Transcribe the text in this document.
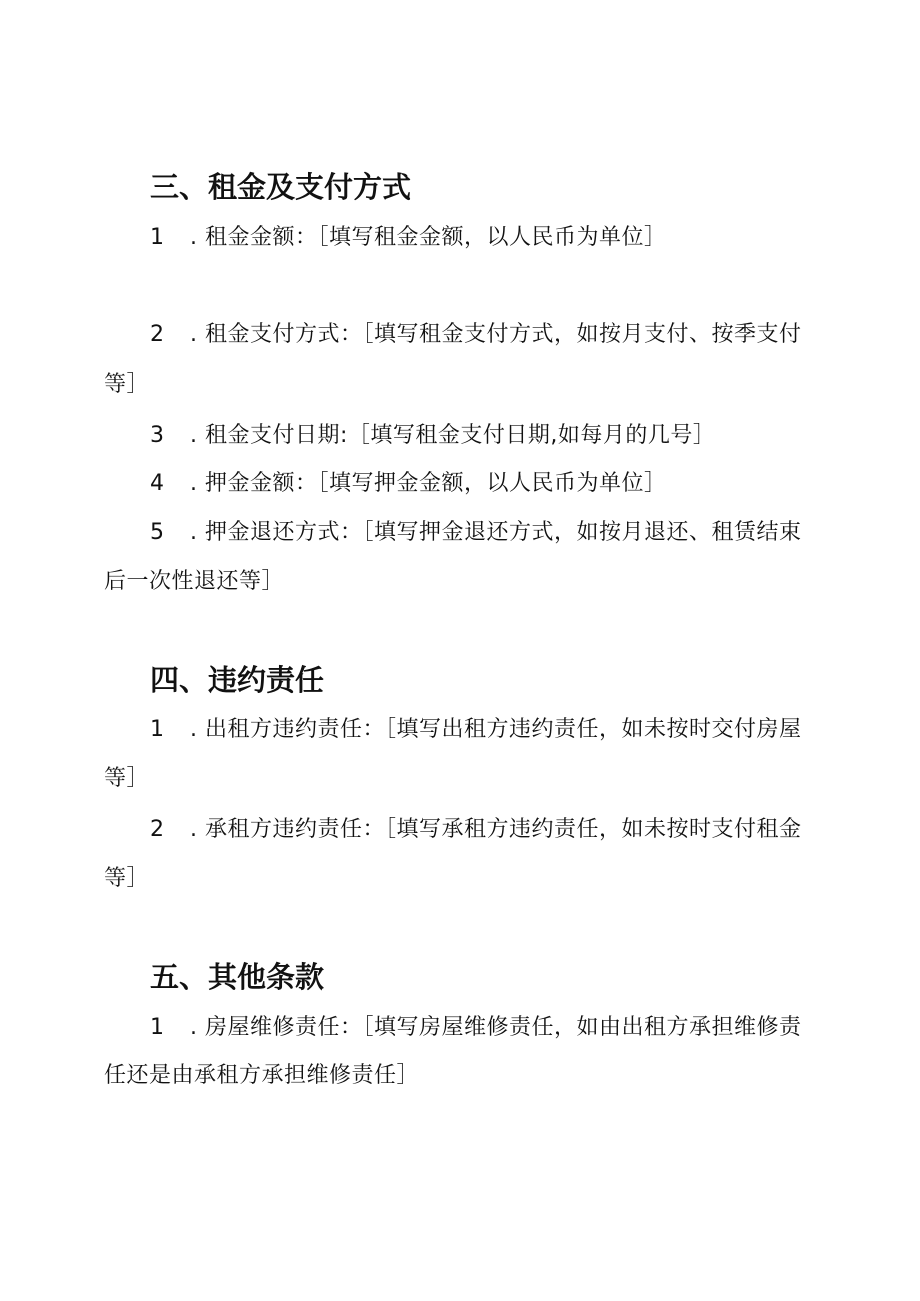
三、租金及支付方式
1 . 租金金额：［填写租金金额，以人民币为单位］
2 . 租金支付方式：［填写租金支付方式，如按月支付、按季支付
等］
3 . 租金支付日期:［填写租金支付日期,如每月的几号］
4 . 押金金额：［填写押金金额，以人民币为单位］
5 . 押金退还方式：［填写押金退还方式，如按月退还、租赁结束
后一次性退还等］
四、违约责任
1 . 出租方违约责任：［填写出租方违约责任，如未按时交付房屋
等］
2 . 承租方违约责任：［填写承租方违约责任，如未按时支付租金
等］
五、其他条款
1 . 房屋维修责任：［填写房屋维修责任，如由出租方承担维修责
任还是由承租方承担维修责任］
